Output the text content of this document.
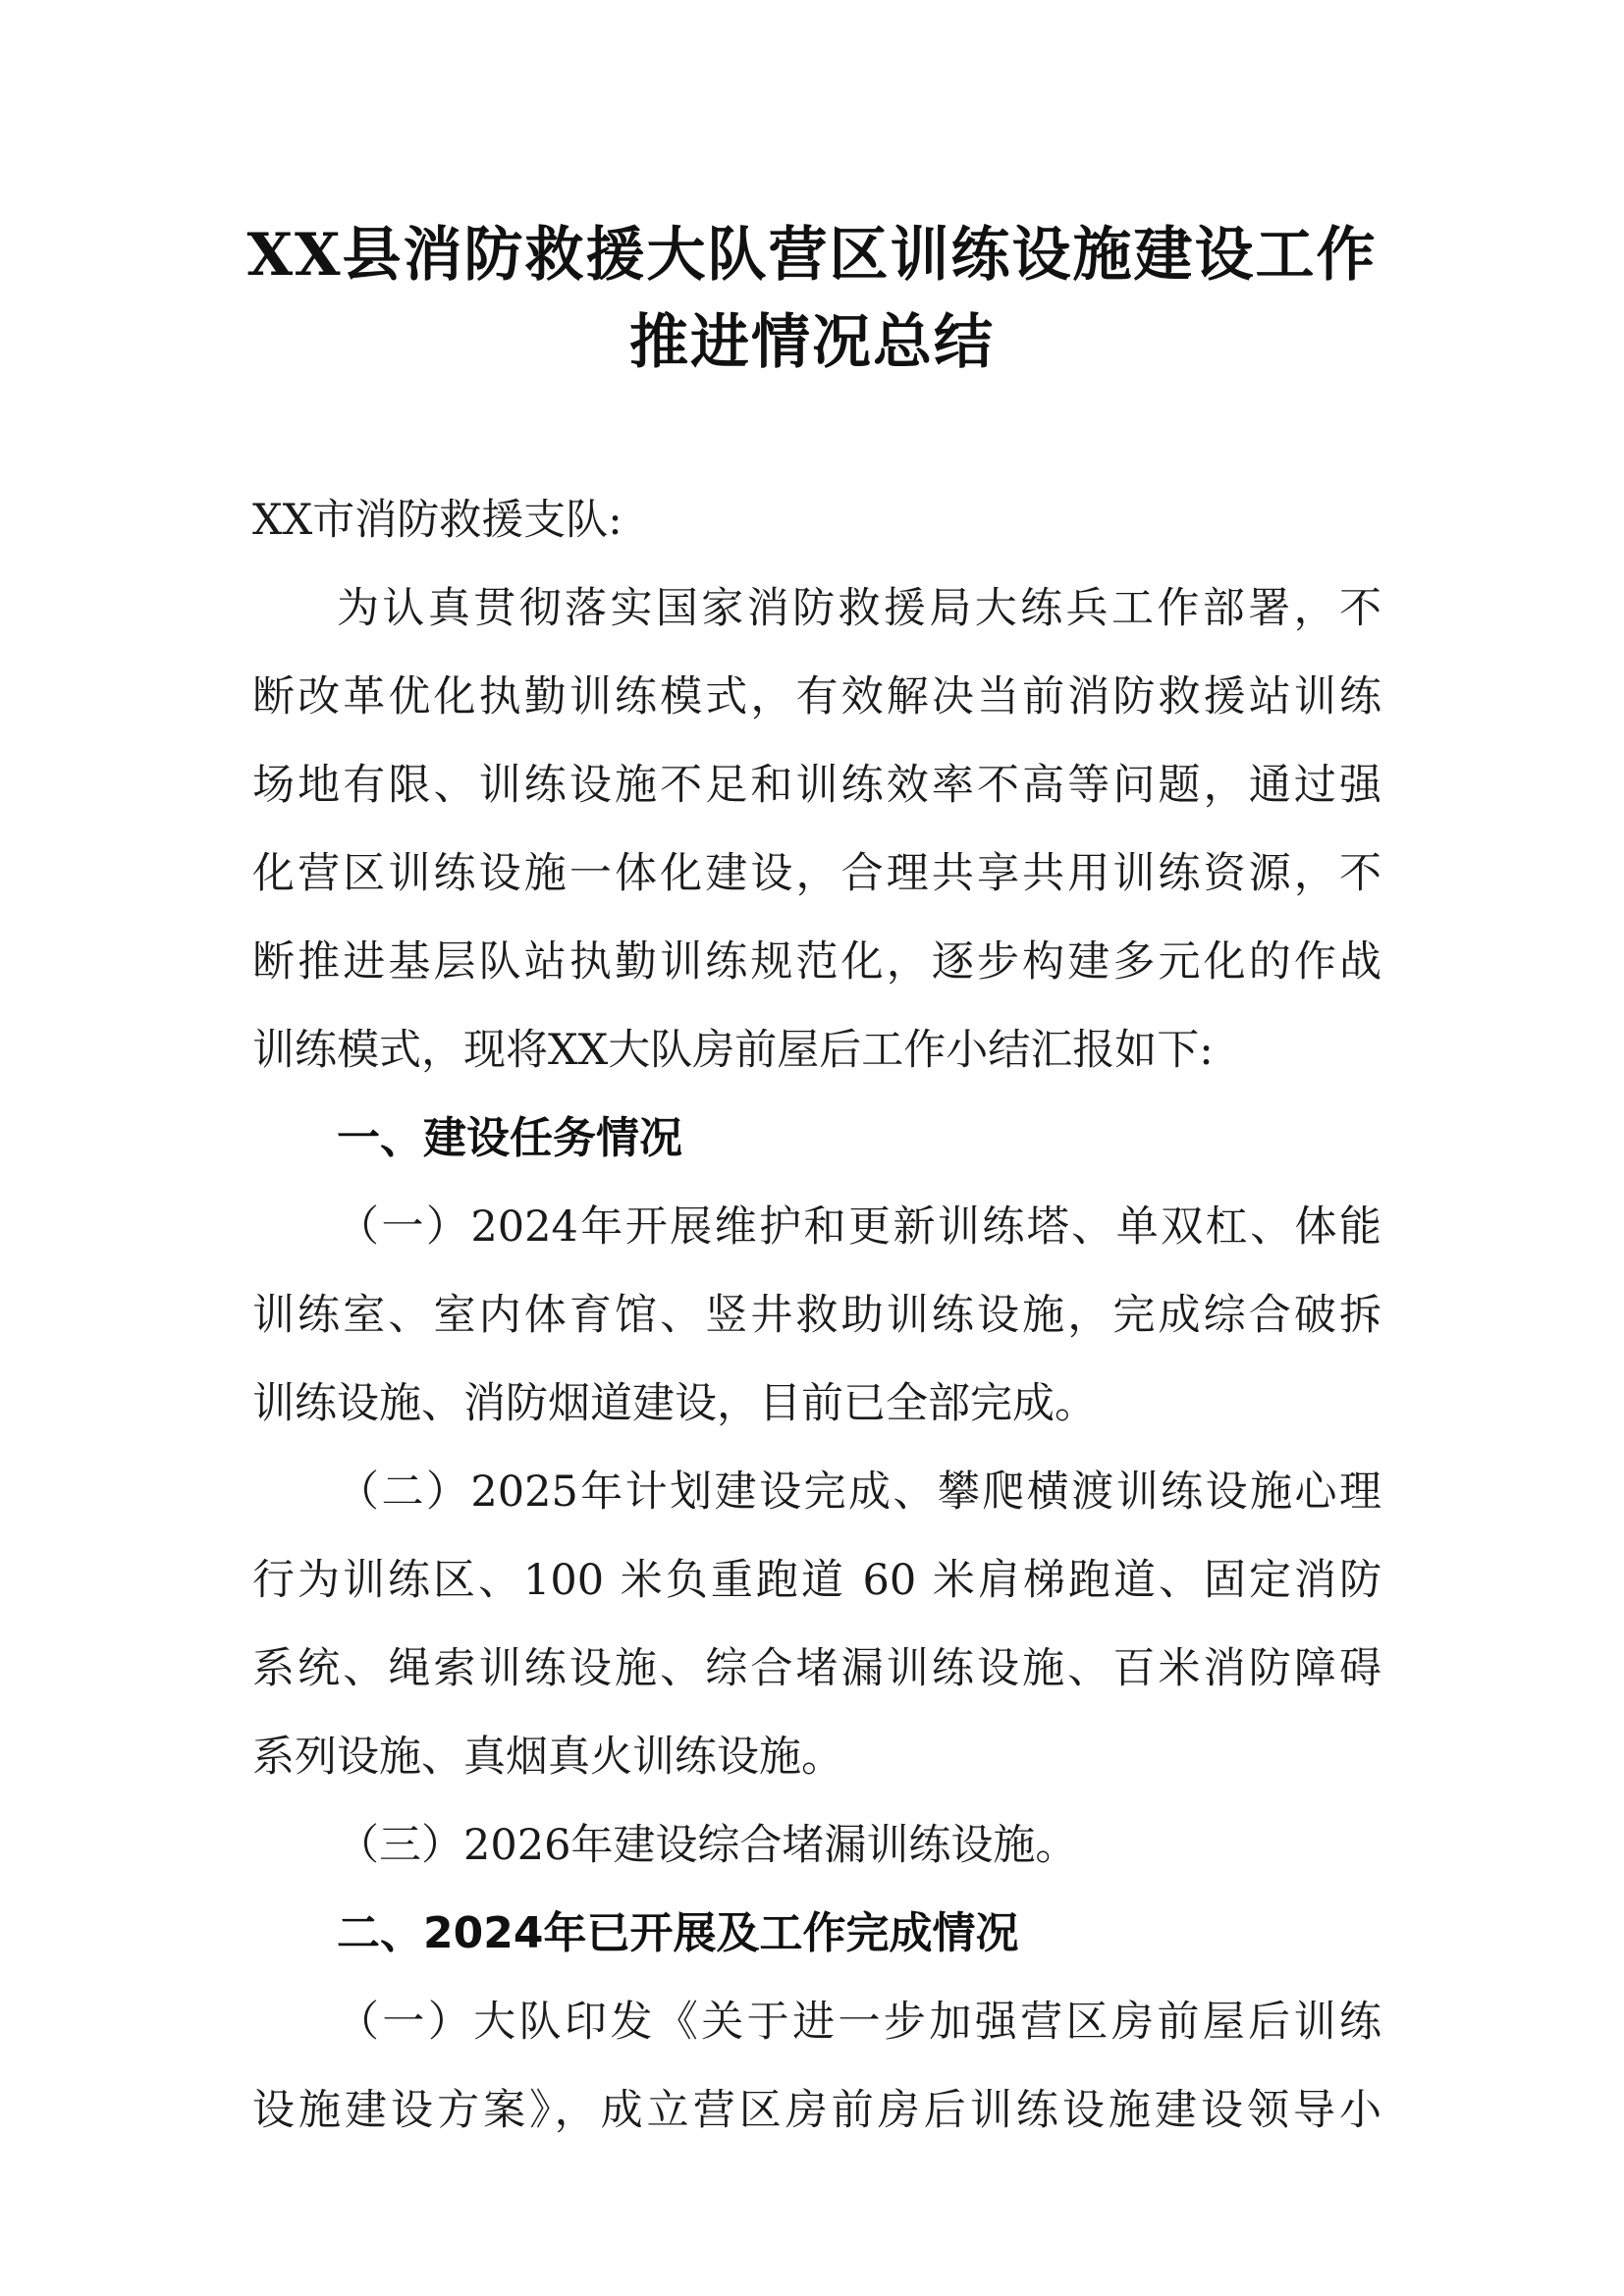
XX县消防救援大队营区训练设施建设工作
推进情况总结
XX市消防救援支队:
为认真贯彻落实国家消防救援局大练兵工作部署，不
断改革优化执勤训练模式，有效解决当前消防救援站训练
场地有限、训练设施不足和训练效率不高等问题，通过强
化营区训练设施一体化建设，合理共享共用训练资源，不
断推进基层队站执勤训练规范化，逐步构建多元化的作战
训练模式，现将XX大队房前屋后工作小结汇报如下:
一、建设任务情况
（一）2024年开展维护和更新训练塔、单双杠、体能
训练室、室内体育馆、竖井救助训练设施，完成综合破拆
训练设施、消防烟道建设，目前已全部完成。
（二）2025年计划建设完成、攀爬横渡训练设施心理
行为训练区、100 米负重跑道 60 米肩梯跑道、固定消防
系统、绳索训练设施、综合堵漏训练设施、百米消防障碍
系列设施、真烟真火训练设施。
（三）2026年建设综合堵漏训练设施。
二、2024年已开展及工作完成情况
（一）大队印发《关于进一步加强营区房前屋后训练
设施建设方案》，成立营区房前房后训练设施建设领导小
